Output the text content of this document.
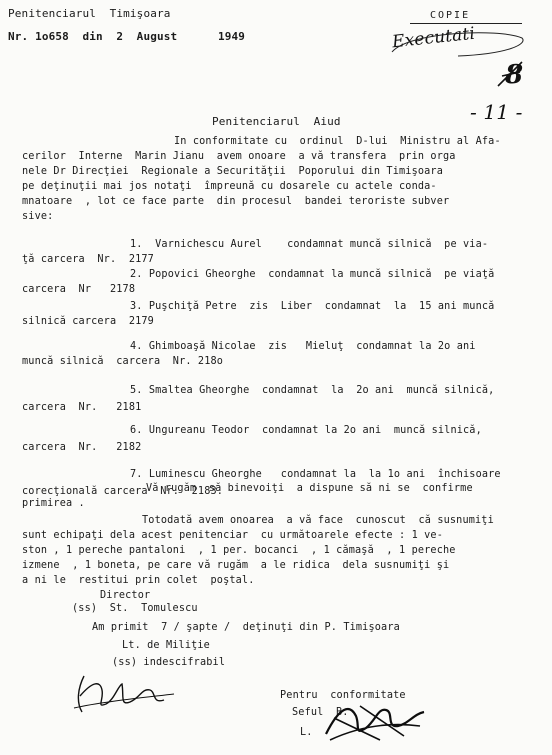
Penitenciarul  Timişoara
Nr. 1o658  din  2  August      1949
COPIE
Executati
8
- 11 -
Penitenciarul  Aiud
In conformitate cu  ordinul  D-lui  Ministru al Afa-
cerilor  Interne  Marin Jianu  avem onoare  a vă transfera  prin orga
nele Dr Direcţiei  Regionale a Securităţii  Poporului din Timişoara
pe deţinuţii mai jos notaţi  împreună cu dosarele cu actele conda-
mnatoare  , lot ce face parte  din procesul  bandei teroriste subver
sive:
1.  Varnichescu Aurel    condamnat muncă silnică  pe via-
ţă carcera  Nr.  2177
2. Popovici Gheorghe  condamnat la muncă silnică  pe viaţă
carcera  Nr   2178
3. Puşchiţă Petre  zis  Liber  condamnat  la  15 ani muncă
silnică carcera  2179
4. Ghimboaşă Nicolae  zis   Mieluţ  condamnat la 2o ani
muncă silnică  carcera  Nr. 218o
5. Smaltea Gheorghe  condamnat  la  2o ani  muncă silnică,
carcera  Nr.   2181
6. Ungureanu Teodor  condamnat la 2o ani  muncă silnică,
carcera  Nr.   2182
7. Luminescu Gheorghe   condamnat la  la 1o ani  închisoare
corecţională carcera  Nr.  2183.
Vă rugăm  să binevoiţi  a dispune să ni se  confirme
primirea .
Totodată avem onoarea  a vă face  cunoscut  că susnumiţi
sunt echipaţi dela acest penitenciar  cu următoarele efecte : 1 ve-
ston , 1 pereche pantaloni  , 1 per. bocanci  , 1 cămaşă  , 1 pereche
izmene  , 1 boneta, pe care vă rugăm  a le ridica  dela susnumiţi şi
a ni le  restitui prin colet  poştal.
Director
(ss)  St.  Tomulescu
Am primit  7 / şapte /  deţinuţi din P. Timişoara
Lt. de Miliţie
(ss) indescifrabil
Pentru  conformitate
Seful  B.
L.
